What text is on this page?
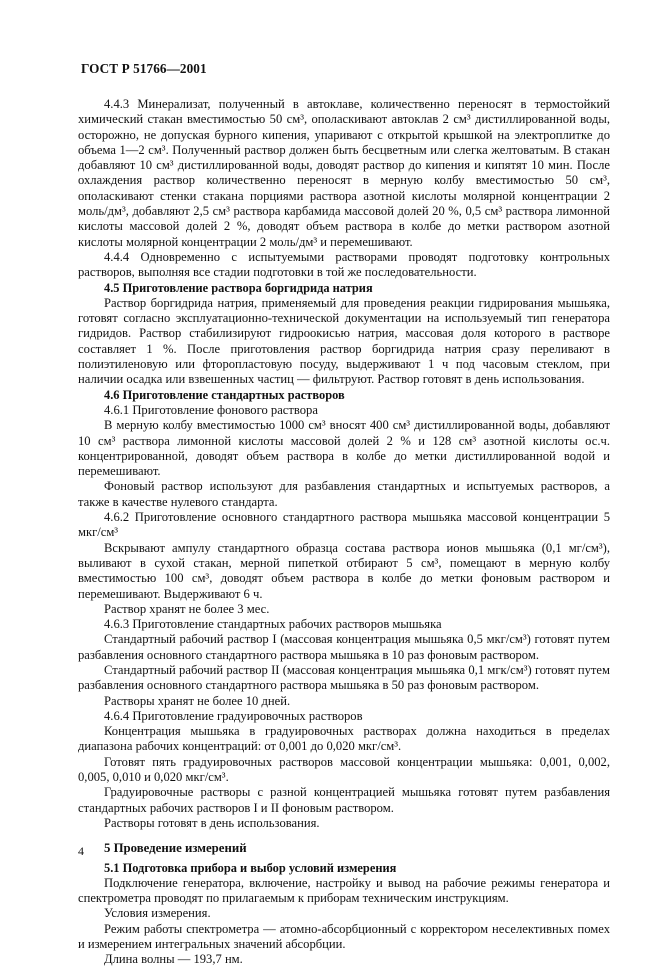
ГОСТ Р 51766—2001

4.4.3 Минерализат, полученный в автоклаве, количественно переносят в термостойкий химический стакан вместимостью 50 см³, ополаскивают автоклав 2 см³ дистиллированной воды, осторожно, не допуская бурного кипения, упаривают с открытой крышкой на электроплитке до объема 1—2 см³. Полученный раствор должен быть бесцветным или слегка желтоватым. В стакан добавляют 10 см³ дистиллированной воды, доводят раствор до кипения и кипятят 10 мин. После охлаждения раствор количественно переносят в мерную колбу вместимостью 50 см³, ополаскивают стенки стакана порциями раствора азотной кислоты молярной концентрации 2 моль/дм³, добавляют 2,5 см³ раствора карбамида массовой долей 20 %, 0,5 см³ раствора лимонной кислоты массовой долей 2 %, доводят объем раствора в колбе до метки раствором азотной кислоты молярной концентрации 2 моль/дм³ и перемешивают.

4.4.4 Одновременно с испытуемыми растворами проводят подготовку контрольных растворов, выполняя все стадии подготовки в той же последовательности.

4.5 Приготовление раствора боргидрида натрия

Раствор боргидрида натрия, применяемый для проведения реакции гидрирования мышьяка, готовят согласно эксплуатационно-технической документации на используемый тип генератора гидридов. Раствор стабилизируют гидроокисью натрия, массовая доля которого в растворе составляет 1 %. После приготовления раствор боргидрида натрия сразу переливают в полиэтиленовую или фторопластовую посуду, выдерживают 1 ч под часовым стеклом, при наличии осадка или взвешенных частиц — фильтруют. Раствор готовят в день использования.

4.6 Приготовление стандартных растворов

4.6.1 Приготовление фонового раствора

В мерную колбу вместимостью 1000 см³ вносят 400 см³ дистиллированной воды, добавляют 10 см³ раствора лимонной кислоты массовой долей 2 % и 128 см³ азотной кислоты ос.ч. концентрированной, доводят объем раствора в колбе до метки дистиллированной водой и перемешивают.

Фоновый раствор используют для разбавления стандартных и испытуемых растворов, а также в качестве нулевого стандарта.

4.6.2 Приготовление основного стандартного раствора мышьяка массовой концентрации 5 мкг/см³

Вскрывают ампулу стандартного образца состава раствора ионов мышьяка (0,1 мг/см³), выливают в сухой стакан, мерной пипеткой отбирают 5 см³, помещают в мерную колбу вместимостью 100 см³, доводят объем раствора в колбе до метки фоновым раствором и перемешивают. Выдерживают 6 ч.

Раствор хранят не более 3 мес.

4.6.3 Приготовление стандартных рабочих растворов мышьяка

Стандартный рабочий раствор I (массовая концентрация мышьяка 0,5 мкг/см³) готовят путем разбавления основного стандартного раствора мышьяка в 10 раз фоновым раствором.

Стандартный рабочий раствор II (массовая концентрация мышьяка 0,1 мгк/см³) готовят путем разбавления основного стандартного раствора мышьяка в 50 раз фоновым раствором.

Растворы хранят не более 10 дней.

4.6.4 Приготовление градуировочных растворов

Концентрация мышьяка в градуировочных растворах должна находиться в пределах диапазона рабочих концентраций: от 0,001 до 0,020 мкг/см³.

Готовят пять градуировочных растворов массовой концентрации мышьяка: 0,001, 0,002, 0,005, 0,010 и 0,020 мкг/см³.

Градуировочные растворы с разной концентрацией мышьяка готовят путем разбавления стандартных рабочих растворов I и II фоновым раствором.

Растворы готовят в день использования.

5 Проведение измерений

5.1 Подготовка прибора и выбор условий измерения

Подключение генератора, включение, настройку и вывод на рабочие режимы генератора и спектрометра проводят по прилагаемым к приборам техническим инструкциям.

Условия измерения.

Режим работы спектрометра — атомно-абсорбционный с корректором неселективных помех и измерением интегральных значений абсорбции.

Длина волны — 193,7 нм.

4
